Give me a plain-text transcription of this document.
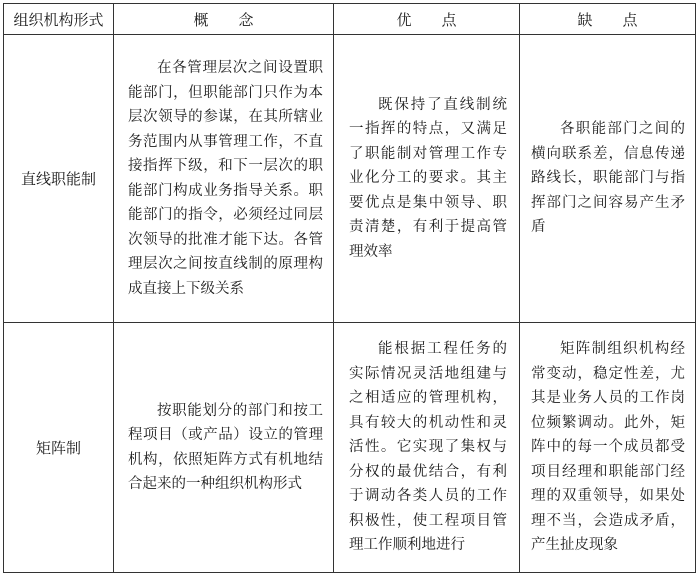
组织机构形式	概念	优点	缺点
直线职能制	在各管理层次之间设置职能部门，但职能部门只作为本层次领导的参谋，在其所辖业务范围内从事管理工作，不直接指挥下级，和下一层次的职能部门构成业务指导关系。职能部门的指令，必须经过同层次领导的批准才能下达。各管理层次之间按直线制的原理构成直接上下级关系	既保持了直线制统一指挥的特点，又满足了职能制对管理工作专业化分工的要求。其主要优点是集中领导、职责清楚，有利于提高管理效率	各职能部门之间的横向联系差，信息传递路线长，职能部门与指挥部门之间容易产生矛盾

矩阵制	按职能划分的部门和按工程项目（或产品）设立的管理机构，依照矩阵方式有机地结合起来的一种组织机构形式	能根据工程任务的实际情况灵活地组建与之相适应的管理机构，具有较大的机动性和灵活性。它实现了集权与分权的最优结合，有利于调动各类人员的工作积极性，使工程项目管理工作顺利地进行	矩阵制组织机构经常变动，稳定性差，尤其是业务人员的工作岗位频繁调动。此外，矩阵中的每一个成员都受项目经理和职能部门经理的双重领导，如果处理不当，会造成矛盾，产生扯皮现象
